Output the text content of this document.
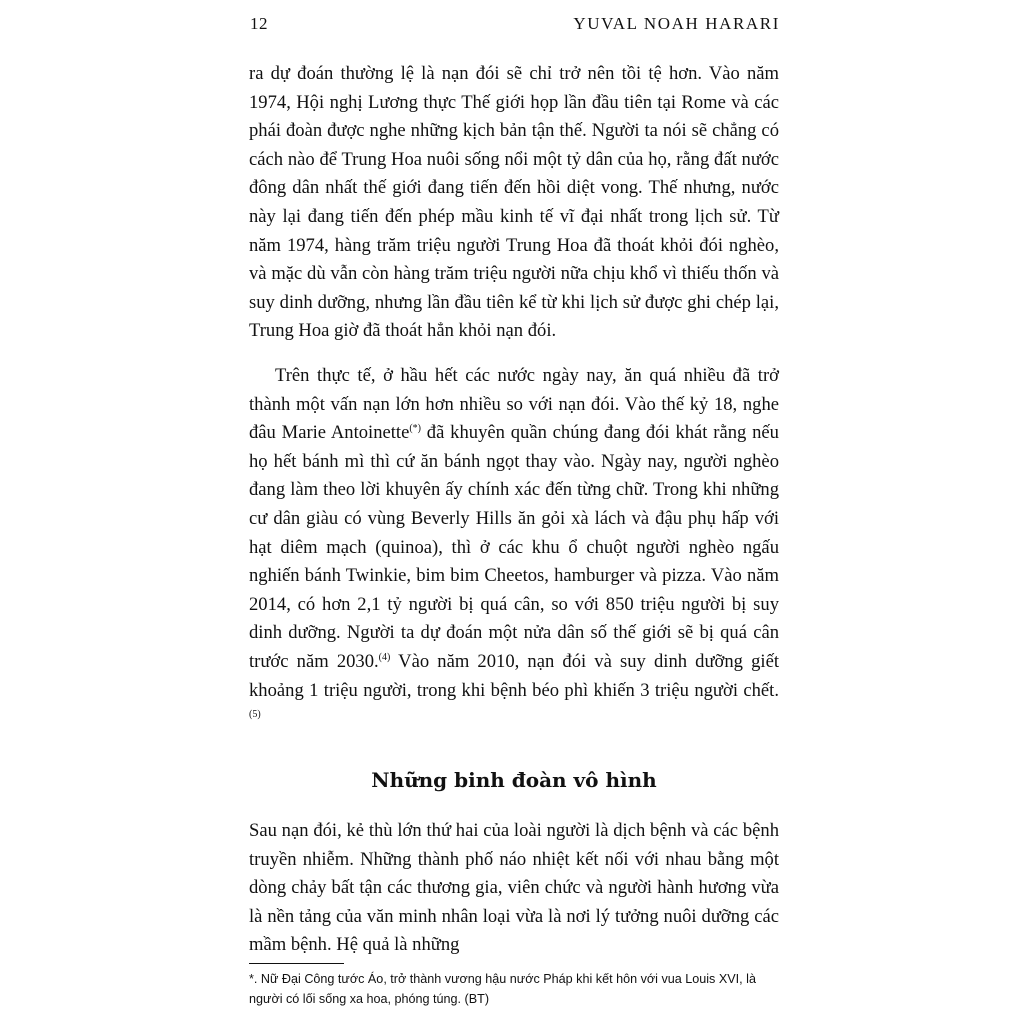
12	YUVAL NOAH HARARI
ra dự đoán thường lệ là nạn đói sẽ chỉ trở nên tồi tệ hơn. Vào năm 1974, Hội nghị Lương thực Thế giới họp lần đầu tiên tại Rome và các phái đoàn được nghe những kịch bản tận thế. Người ta nói sẽ chẳng có cách nào để Trung Hoa nuôi sống nổi một tỷ dân của họ, rằng đất nước đông dân nhất thế giới đang tiến đến hồi diệt vong. Thế nhưng, nước này lại đang tiến đến phép mầu kinh tế vĩ đại nhất trong lịch sử. Từ năm 1974, hàng trăm triệu người Trung Hoa đã thoát khỏi đói nghèo, và mặc dù vẫn còn hàng trăm triệu người nữa chịu khổ vì thiếu thốn và suy dinh dưỡng, nhưng lần đầu tiên kể từ khi lịch sử được ghi chép lại, Trung Hoa giờ đã thoát hẳn khỏi nạn đói.
Trên thực tế, ở hầu hết các nước ngày nay, ăn quá nhiều đã trở thành một vấn nạn lớn hơn nhiều so với nạn đói. Vào thế kỷ 18, nghe đâu Marie Antoinette(*) đã khuyên quần chúng đang đói khát rằng nếu họ hết bánh mì thì cứ ăn bánh ngọt thay vào. Ngày nay, người nghèo đang làm theo lời khuyên ấy chính xác đến từng chữ. Trong khi những cư dân giàu có vùng Beverly Hills ăn gỏi xà lách và đậu phụ hấp với hạt diêm mạch (quinoa), thì ở các khu ổ chuột người nghèo ngấu nghiến bánh Twinkie, bim bim Cheetos, hamburger và pizza. Vào năm 2014, có hơn 2,1 tỷ người bị quá cân, so với 850 triệu người bị suy dinh dưỡng. Người ta dự đoán một nửa dân số thế giới sẽ bị quá cân trước năm 2030.$^{(4)}$ Vào năm 2010, nạn đói và suy dinh dưỡng giết khoảng 1 triệu người, trong khi bệnh béo phì khiến 3 triệu người chết.$^{(5)}$
Những binh đoàn vô hình
Sau nạn đói, kẻ thù lớn thứ hai của loài người là dịch bệnh và các bệnh truyền nhiễm. Những thành phố náo nhiệt kết nối với nhau bằng một dòng chảy bất tận các thương gia, viên chức và người hành hương vừa là nền tảng của văn minh nhân loại vừa là nơi lý tưởng nuôi dưỡng các mầm bệnh. Hệ quả là những
*. Nữ Đại Công tước Áo, trở thành vương hậu nước Pháp khi kết hôn với vua Louis XVI, là người có lối sống xa hoa, phóng túng. (BT)
